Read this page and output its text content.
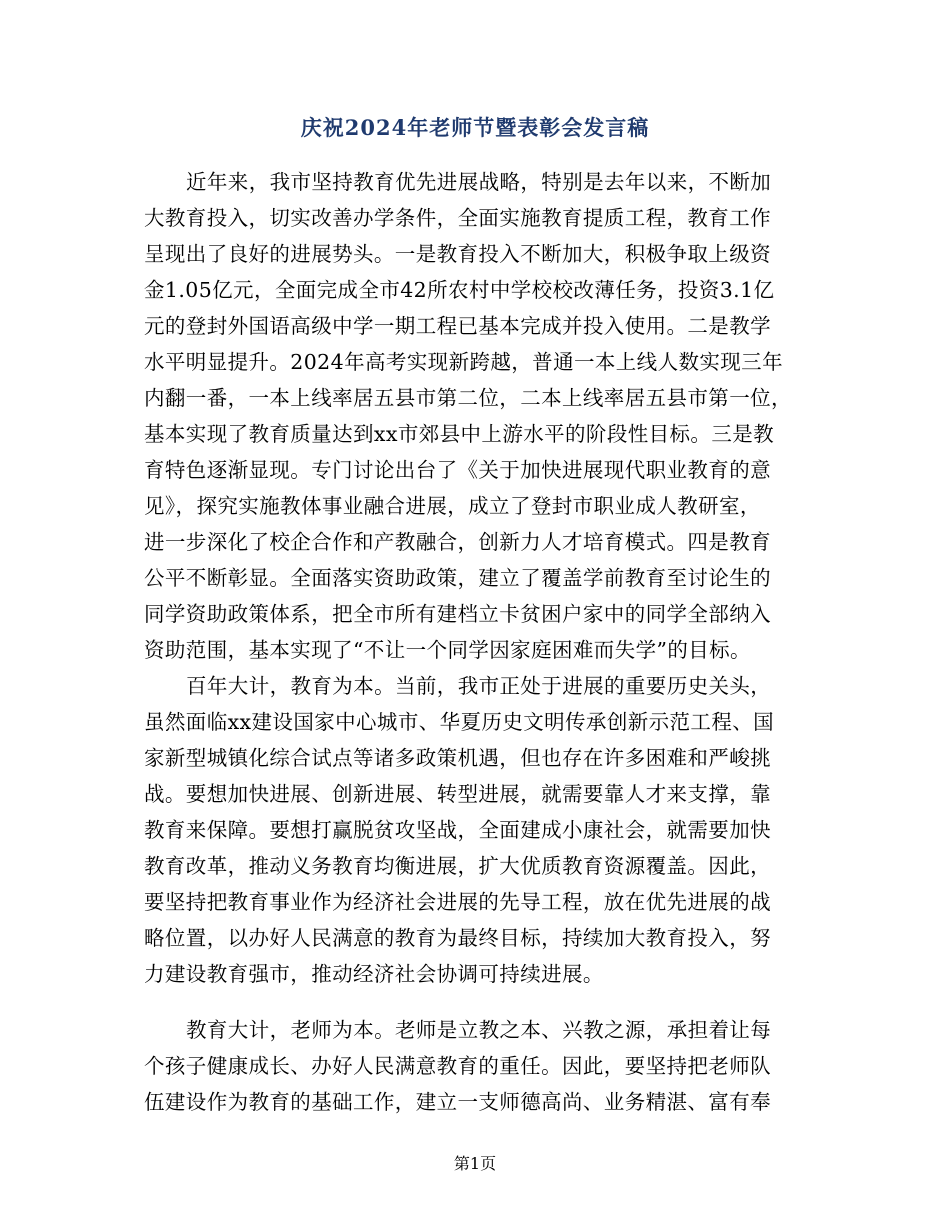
庆祝2024年老师节暨表彰会发言稿
近年来，我市坚持教育优先进展战略，特别是去年以来，不断加
大教育投入，切实改善办学条件，全面实施教育提质工程，教育工作
呈现出了良好的进展势头。一是教育投入不断加大，积极争取上级资
金1.05亿元，全面完成全市42所农村中学校校改薄任务，投资3.1亿
元的登封外国语高级中学一期工程已基本完成并投入使用。二是教学
水平明显提升。2024年高考实现新跨越，普通一本上线人数实现三年
内翻一番，一本上线率居五县市第二位，二本上线率居五县市第一位，
基本实现了教育质量达到xx市郊县中上游水平的阶段性目标。三是教
育特色逐渐显现。专门讨论出台了《关于加快进展现代职业教育的意
见》，探究实施教体事业融合进展，成立了登封市职业成人教研室，
进一步深化了校企合作和产教融合，创新力人才培育模式。四是教育
公平不断彰显。全面落实资助政策，建立了覆盖学前教育至讨论生的
同学资助政策体系，把全市所有建档立卡贫困户家中的同学全部纳入
资助范围，基本实现了“不让一个同学因家庭困难而失学”的目标。
百年大计，教育为本。当前，我市正处于进展的重要历史关头，
虽然面临xx建设国家中心城市、华夏历史文明传承创新示范工程、国
家新型城镇化综合试点等诸多政策机遇，但也存在许多困难和严峻挑
战。要想加快进展、创新进展、转型进展，就需要靠人才来支撑，靠
教育来保障。要想打赢脱贫攻坚战，全面建成小康社会，就需要加快
教育改革，推动义务教育均衡进展，扩大优质教育资源覆盖。因此，
要坚持把教育事业作为经济社会进展的先导工程，放在优先进展的战
略位置，以办好人民满意的教育为最终目标，持续加大教育投入，努
力建设教育强市，推动经济社会协调可持续进展。
教育大计，老师为本。老师是立教之本、兴教之源，承担着让每
个孩子健康成长、办好人民满意教育的重任。因此，要坚持把老师队
伍建设作为教育的基础工作，建立一支师德高尚、业务精湛、富有奉
第1页
